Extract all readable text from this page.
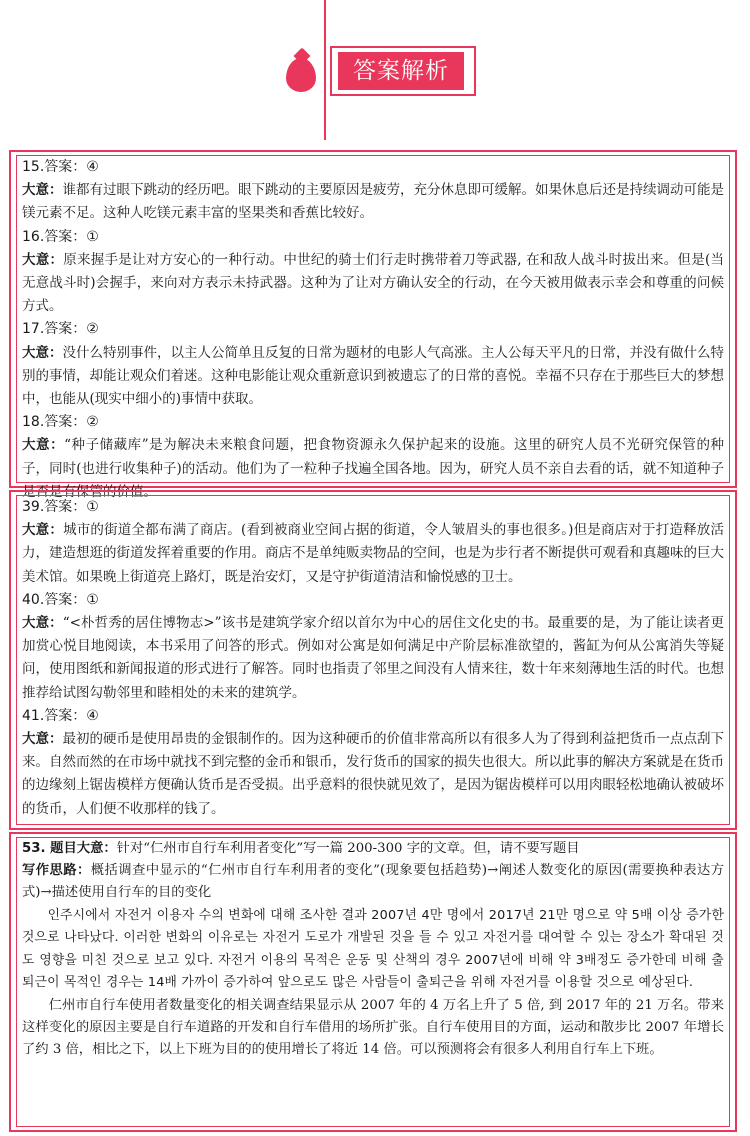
答案解析
15.答案：④
大意：谁都有过眼下跳动的经历吧。眼下跳动的主要原因是疲劳，充分休息即可缓解。如果休息后还是持续调动可能是镁元素不足。这种人吃镁元素丰富的坚果类和香蕉比较好。
16.答案：①
大意：原来握手是让对方安心的一种行动。中世纪的骑士们行走时携带着刀等武器, 在和敌人战斗时拔出来。但是(当无意战斗时)会握手，来向对方表示未持武器。这种为了让对方确认安全的行动，在今天被用做表示幸会和尊重的问候方式。
17.答案：②
大意：没什么特别事件，以主人公简单且反复的日常为题材的电影人气高涨。主人公每天平凡的日常，并没有做什么特别的事情，却能让观众们着迷。这种电影能让观众重新意识到被遗忘了的日常的喜悦。幸福不只存在于那些巨大的梦想中，也能从(现实中细小的)事情中获取。
18.答案：②
大意：“种子储藏库”是为解决未来粮食问题，把食物资源永久保护起来的设施。这里的研究人员不光研究保管的种子，同时(也进行收集种子)的活动。他们为了一粒种子找遍全国各地。因为，研究人员不亲自去看的话，就不知道种子是否是有保管的价值。
39.答案：①
大意：城市的街道全都布满了商店。(看到被商业空间占据的街道，令人皱眉头的事也很多。)但是商店对于打造释放活力，建造想逛的街道发挥着重要的作用。商店不是单纯贩卖物品的空间，也是为步行者不断提供可观看和真趣味的巨大美术馆。如果晚上街道亮上路灯，既是治安灯，又是守护街道清洁和愉悦感的卫士。
40.答案：①
大意：“<朴哲秀的居住博物志>”该书是建筑学家介绍以首尔为中心的居住文化史的书。最重要的是，为了能让读者更加赏心悦目地阅读，本书采用了问答的形式。例如对公寓是如何满足中产阶层标准欲望的，酱缸为何从公寓消失等疑问，使用图纸和新闻报道的形式进行了解答。同时也指责了邻里之间没有人情来往，数十年来刻薄地生活的时代。也想推荐给试图勾勒邻里和睦相处的未来的建筑学。
41.答案：④
大意：最初的硬币是使用昂贵的金银制作的。因为这种硬币的价值非常高所以有很多人为了得到利益把货币一点点刮下来。自然而然的在市场中就找不到完整的金币和银币，发行货币的国家的损失也很大。所以此事的解决方案就是在货币的边缘刻上锯齿模样方便确认货币是否受损。出乎意料的很快就见效了，是因为锯齿模样可以用肉眼轻松地确认被破坏的货币，人们便不收那样的钱了。
53. 题目大意：针对“仁州市自行车利用者变化”写一篇 200-300 字的文章。但，请不要写题目
写作思路：概括调查中显示的“仁州市自行车利用者的变化”(现象要包括趋势)→阐述人数变化的原因(需要换种表达方式)→描述使用自行车的目的变化
인주시에서 자전거 이용자 수의 변화에 대해 조사한 결과 2007년 4만 명에서 2017년 21만 명으로 약 5배 이상 증가한 것으로 나타났다. 이러한 변화의 이유로는 자전거 도로가 개발된 것을 들 수 있고 자전거를 대여할 수 있는 장소가 확대된 것도 영향을 미친 것으로 보고 있다. 자전거 이용의 목적은 운동 및 산책의 경우 2007년에 비해 약 3배정도 증가한데 비해 출퇴근이 목적인 경우는 14배 가까이 증가하여 앞으로도 많은 사람들이 출퇴근을 위해 자전거를 이용할 것으로 예상된다.
仁州市自行车使用者数量变化的相关调查结果显示从 2007 年的 4 万名上升了 5 倍, 到 2017 年的 21 万名。带来这样变化的原因主要是自行车道路的开发和自行车借用的场所扩张。自行车使用目的方面，运动和散步比 2007 年增长了约 3 倍，相比之下，以上下班为目的的使用增长了将近 14 倍。可以预测将会有很多人利用自行车上下班。
